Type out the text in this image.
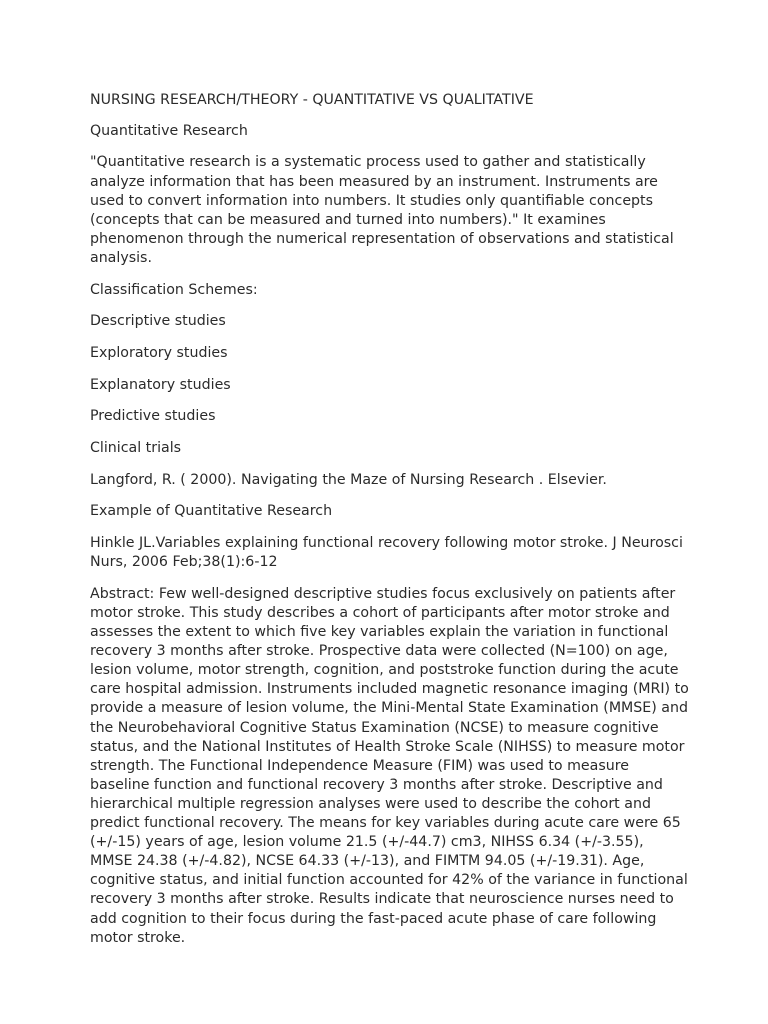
NURSING RESEARCH/THEORY - QUANTITATIVE VS QUALITATIVE

Quantitative Research

"Quantitative research is a systematic process used to gather and statistically analyze information that has been measured by an instrument. Instruments are used to convert information into numbers. It studies only quantifiable concepts (concepts that can be measured and turned into numbers)." It examines phenomenon through the numerical representation of observations and statistical analysis.

Classification Schemes:

Descriptive studies

Exploratory studies

Explanatory studies

Predictive studies

Clinical trials

Langford, R. ( 2000). Navigating the Maze of Nursing Research . Elsevier.

Example of Quantitative Research

Hinkle JL.Variables explaining functional recovery following motor stroke. J Neurosci Nurs, 2006 Feb;38(1):6-12

Abstract: Few well-designed descriptive studies focus exclusively on patients after motor stroke. This study describes a cohort of participants after motor stroke and assesses the extent to which five key variables explain the variation in functional recovery 3 months after stroke. Prospective data were collected (N=100) on age, lesion volume, motor strength, cognition, and poststroke function during the acute care hospital admission. Instruments included magnetic resonance imaging (MRI) to provide a measure of lesion volume, the Mini-Mental State Examination (MMSE) and the Neurobehavioral Cognitive Status Examination (NCSE) to measure cognitive status, and the National Institutes of Health Stroke Scale (NIHSS) to measure motor strength. The Functional Independence Measure (FIM) was used to measure baseline function and functional recovery 3 months after stroke. Descriptive and hierarchical multiple regression analyses were used to describe the cohort and predict functional recovery. The means for key variables during acute care were 65 (+/-15) years of age, lesion volume 21.5 (+/-44.7) cm3, NIHSS 6.34 (+/-3.55), MMSE 24.38 (+/-4.82), NCSE 64.33 (+/-13), and FIMTM 94.05 (+/-19.31). Age, cognitive status, and initial function accounted for 42% of the variance in functional recovery 3 months after stroke. Results indicate that neuroscience nurses need to add cognition to their focus during the fast-paced acute phase of care following motor stroke.
